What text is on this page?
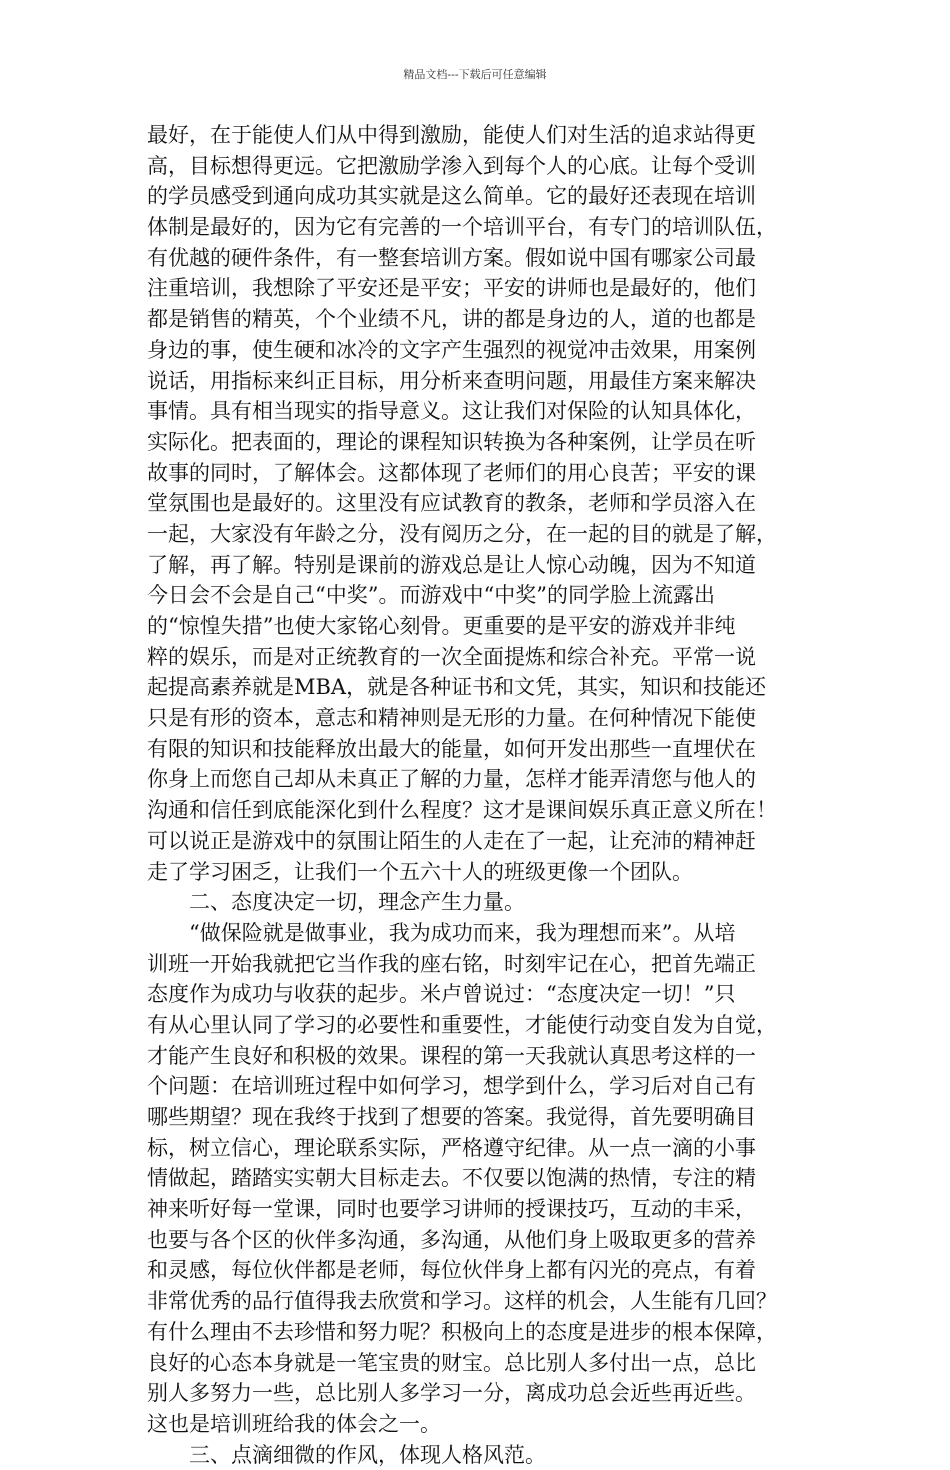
精品文档---下载后可任意编辑
最好，在于能使人们从中得到激励，能使人们对生活的追求站得更
高，目标想得更远。它把激励学渗入到每个人的心底。让每个受训
的学员感受到通向成功其实就是这么简单。它的最好还表现在培训
体制是最好的，因为它有完善的一个培训平台，有专门的培训队伍，
有优越的硬件条件，有一整套培训方案。假如说中国有哪家公司最
注重培训，我想除了平安还是平安；平安的讲师也是最好的，他们
都是销售的精英，个个业绩不凡，讲的都是身边的人，道的也都是
身边的事，使生硬和冰冷的文字产生强烈的视觉冲击效果，用案例
说话，用指标来纠正目标，用分析来查明问题，用最佳方案来解决
事情。具有相当现实的指导意义。这让我们对保险的认知具体化，
实际化。把表面的，理论的课程知识转换为各种案例，让学员在听
故事的同时，了解体会。这都体现了老师们的用心良苦；平安的课
堂氛围也是最好的。这里没有应试教育的教条，老师和学员溶入在
一起，大家没有年龄之分，没有阅历之分，在一起的目的就是了解，
了解，再了解。特别是课前的游戏总是让人惊心动魄，因为不知道
今日会不会是自己“中奖”。而游戏中“中奖”的同学脸上流露出
的“惊惶失措”也使大家铭心刻骨。更重要的是平安的游戏并非纯
粹的娱乐，而是对正统教育的一次全面提炼和综合补充。平常一说
起提高素养就是MBA，就是各种证书和文凭，其实，知识和技能还
只是有形的资本，意志和精神则是无形的力量。在何种情况下能使
有限的知识和技能释放出最大的能量，如何开发出那些一直埋伏在
你身上而您自己却从未真正了解的力量，怎样才能弄清您与他人的
沟通和信任到底能深化到什么程度？这才是课间娱乐真正意义所在！
可以说正是游戏中的氛围让陌生的人走在了一起，让充沛的精神赶
走了学习困乏，让我们一个五六十人的班级更像一个团队。
　　二、态度决定一切，理念产生力量。
　　“做保险就是做事业，我为成功而来，我为理想而来”。从培
训班一开始我就把它当作我的座右铭，时刻牢记在心，把首先端正
态度作为成功与收获的起步。米卢曾说过：“态度决定一切！”只
有从心里认同了学习的必要性和重要性，才能使行动变自发为自觉，
才能产生良好和积极的效果。课程的第一天我就认真思考这样的一
个问题：在培训班过程中如何学习，想学到什么，学习后对自己有
哪些期望？现在我终于找到了想要的答案。我觉得，首先要明确目
标，树立信心，理论联系实际，严格遵守纪律。从一点一滴的小事
情做起，踏踏实实朝大目标走去。不仅要以饱满的热情，专注的精
神来听好每一堂课，同时也要学习讲师的授课技巧，互动的丰采，
也要与各个区的伙伴多沟通，多沟通，从他们身上吸取更多的营养
和灵感，每位伙伴都是老师，每位伙伴身上都有闪光的亮点，有着
非常优秀的品行值得我去欣赏和学习。这样的机会，人生能有几回？
有什么理由不去珍惜和努力呢？积极向上的态度是进步的根本保障，
良好的心态本身就是一笔宝贵的财宝。总比别人多付出一点，总比
别人多努力一些，总比别人多学习一分，离成功总会近些再近些。
这也是培训班给我的体会之一。
　　三、点滴细微的作风，体现人格风范。
